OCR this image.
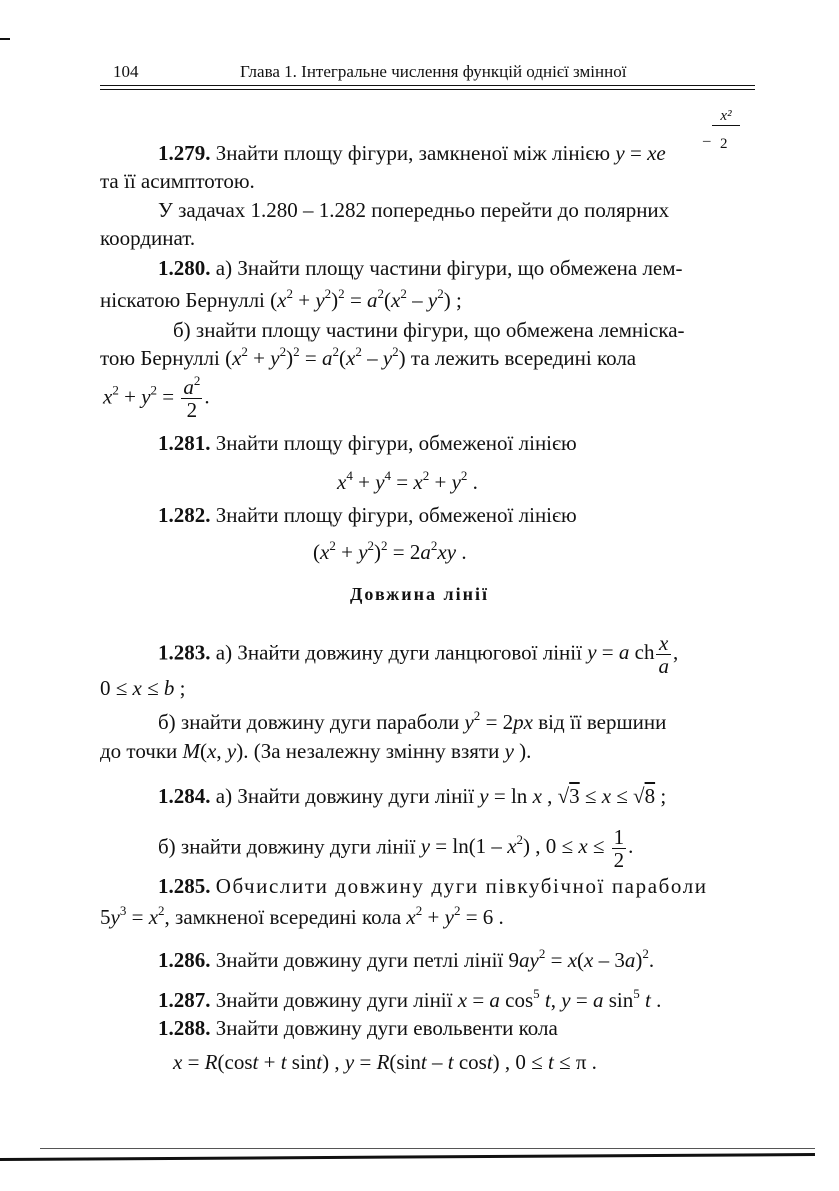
104	Глава 1. Інтегральне числення функцій однієї змінної
1.279. Знайти площу фігури, замкненої між лінією y = xe
x²
– 2
та її асимптотою.
У задачах 1.280 – 1.282 попередньо перейти до полярних
координат.
1.280. а) Знайти площу частини фігури, що обмежена лем-
ніскатою Бернуллі $(x^2 + y^2)^2 = a^2(x^2 - y^2)$ ;
б) знайти площу частини фігури, що обмежена лемніска-
тою Бернуллі $(x^2 + y^2)^2 = a^2(x^2 - y^2)$ та лежить всередині кола
$x^2 + y^2 = \frac{a^2}{2}$ .
1.281. Знайти площу фігури, обмеженої лінією
$x^4 + y^4 = x^2 + y^2$ .
1.282. Знайти площу фігури, обмеженої лінією
$(x^2 + y^2)^2 = 2a^2xy$ .
Довжина лінії
1.283. а) Знайти довжину дуги ланцюгової лінії y = a ch $\frac{x}{a}$ ,
0 ≤ x ≤ b ;
б) знайти довжину дуги параболи $y^2 = 2px$ від її вершини
до точки M(x, y). (За незалежну змінну взяти y ).
1.284. а) Знайти довжину дуги лінії y = ln x , √3 ≤ x ≤ √8 ;
б) знайти довжину дуги лінії $y = \ln(1 - x^2)$ , $0 \le x \le \frac{1}{2}$ .
1.285. Обчислити довжину дуги півкубічної параболи
$5y^3 = x^2$, замкненої всередині кола $x^2 + y^2 = 6$ .
1.286. Знайти довжину дуги петлі лінії $9ay^2 = x(x - 3a)^2$.
1.287. Знайти довжину дуги лінії x = a $\cos^5 t$, y = a $\sin^5 t$ .
1.288. Знайти довжину дуги евольвенти кола
x = R(cost + t sint) , y = R(sint – t cost) , 0 ≤ t ≤ π .
